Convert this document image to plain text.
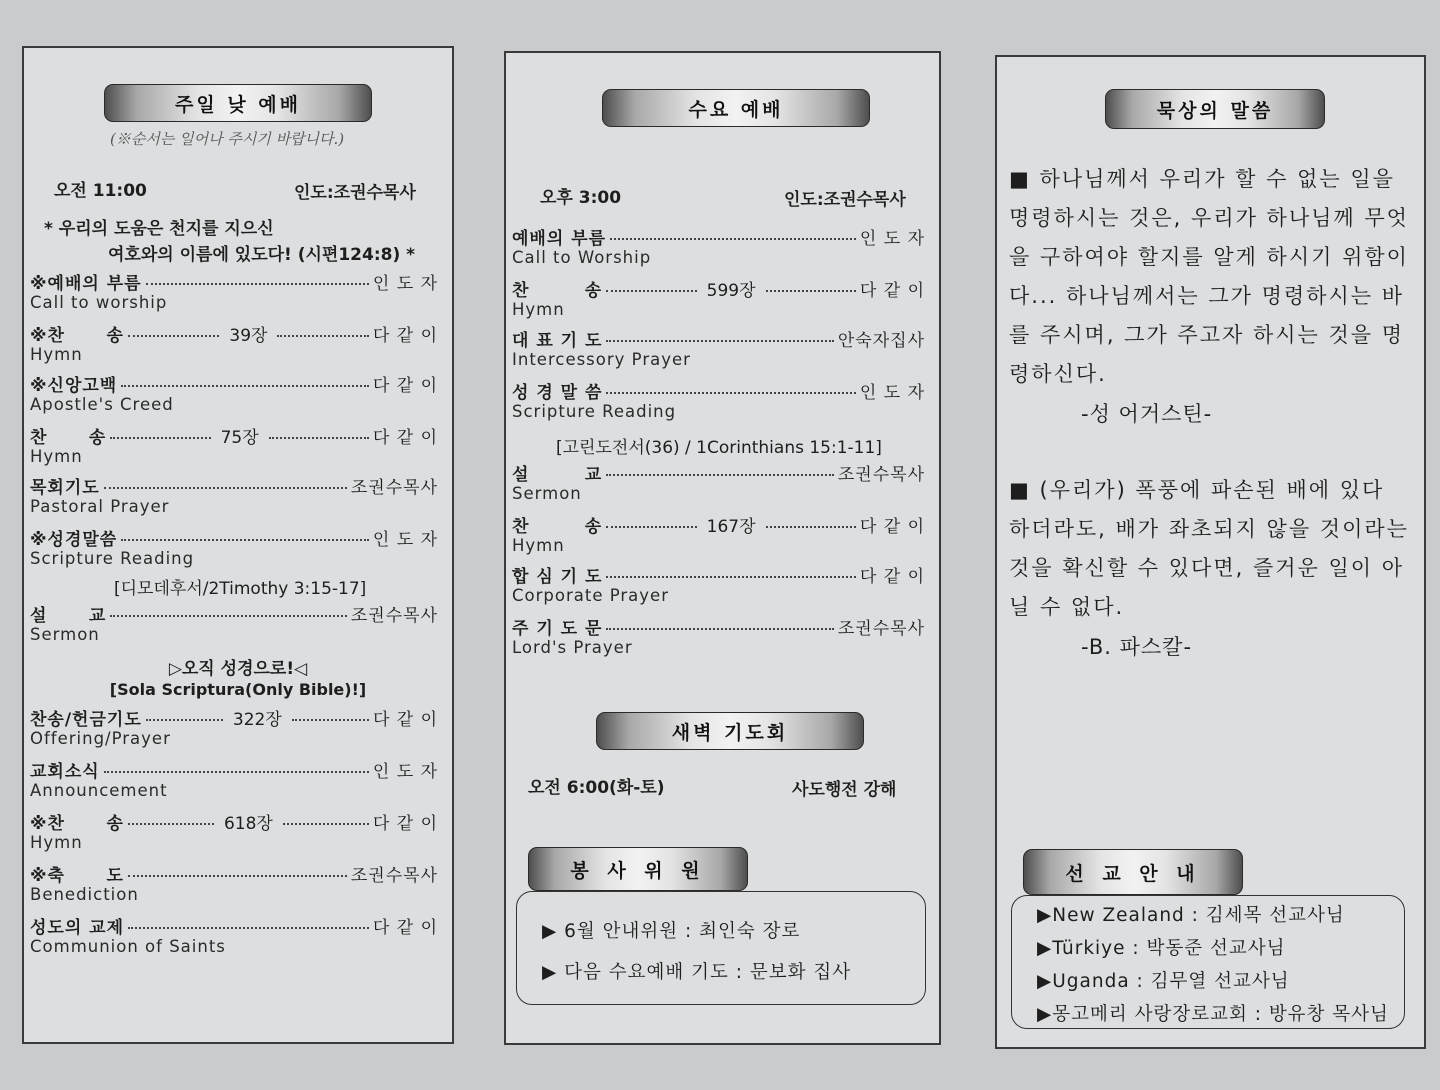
주일 낮 예배
(※순서는 일어나 주시기 바랍니다.)
오전 11:00	인도:조권수목사
* 우리의 도움은 천지를 지으신
여호와의 이름에 있도다! (시편124:8) *
※예배의 부름	인 도 자
Call to worship
※찬      송	39장	다 같 이
Hymn
※신앙고백	다 같 이
Apostle's Creed
찬      송	75장	다 같 이
Hymn
목회기도	조권수목사
Pastoral Prayer
※성경말씀	인 도 자
Scripture Reading
설      교	조권수목사
Sermon
찬송/헌금기도	322장	다 같 이
Offering/Prayer
교회소식	인 도 자
Announcement
※찬      송	618장	다 같 이
Hymn
※축      도	조권수목사
Benediction
성도의 교제	다 같 이
Communion of Saints
[디모데후서/2Timothy 3:15-17]
▷오직 성경으로!◁
[Sola Scriptura(Only Bible)!]
수요 예배
오후 3:00	인도:조권수목사
예배의 부름	인 도 자
Call to Worship
찬        송	599장	다 같 이
Hymn
대 표 기 도	안숙자집사
Intercessory Prayer
성 경 말 씀	인 도 자
Scripture Reading
설        교	조권수목사
Sermon
찬        송	167장	다 같 이
Hymn
합 심 기 도	다 같 이
Corporate Prayer
주 기 도 문	조권수목사
Lord's Prayer
[고린도전서(36) / 1Corinthians 15:1-11]
새벽 기도회
오전 6:00(화-토)	사도행전 강해
봉 사 위 원
▶ 6월 안내위원 : 최인숙 장로
▶ 다음 수요예배 기도 : 문보화 집사
묵상의 말씀
■ 하나님께서 우리가 할 수 없는 일을
명령하시는 것은, 우리가 하나님께 무엇
을 구하여야 할지를 알게 하시기 위함이
다... 하나님께서는 그가 명령하시는 바
를 주시며, 그가 주고자 하시는 것을 명
령하신다.
-성 어거스틴-
■ (우리가) 폭풍에 파손된 배에 있다
하더라도, 배가 좌초되지 않을 것이라는
것을 확신할 수 있다면, 즐거운 일이 아
닐 수 없다.
-B. 파스칼-
선 교 안 내
▶New Zealand : 김세목 선교사님
▶Türkiye : 박동준 선교사님
▶Uganda : 김무열 선교사님
▶몽고메리 사랑장로교회 : 방유창 목사님
